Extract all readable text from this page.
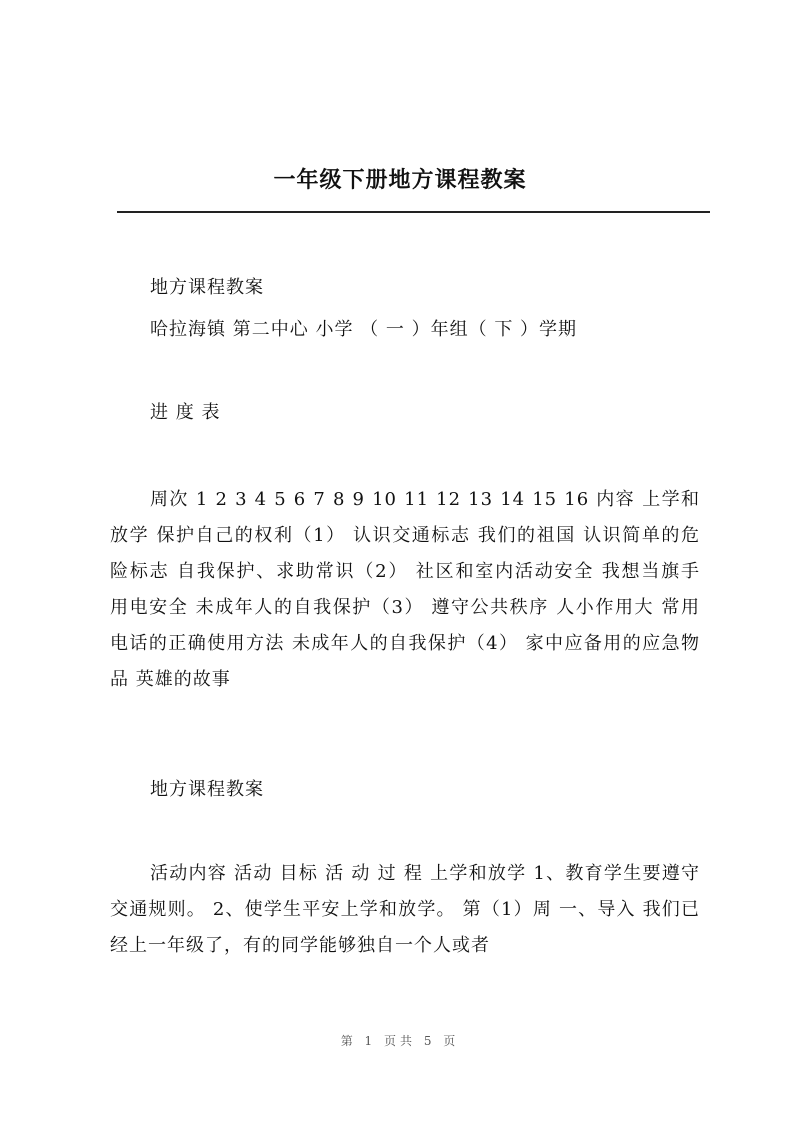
一年级下册地方课程教案
地方课程教案
哈拉海镇 第二中心 小学 （ 一 ）年组（ 下 ）学期
进 度 表
周次 1 2 3 4 5 6 7 8 9 10 11 12 13 14 15 16 内容 上学和放学 保护自己的权利（1） 认识交通标志 我们的祖国 认识简单的危险标志 自我保护、求助常识（2） 社区和室内活动安全 我想当旗手 用电安全 未成年人的自我保护（3） 遵守公共秩序 人小作用大 常用电话的正确使用方法 未成年人的自我保护（4） 家中应备用的应急物品 英雄的故事
地方课程教案
活动内容 活动 目标 活 动 过 程 上学和放学 1、教育学生要遵守交通规则。 2、使学生平安上学和放学。 第（1）周 一、导入 我们已经上一年级了，有的同学能够独自一个人或者
第 1 页共 5 页
